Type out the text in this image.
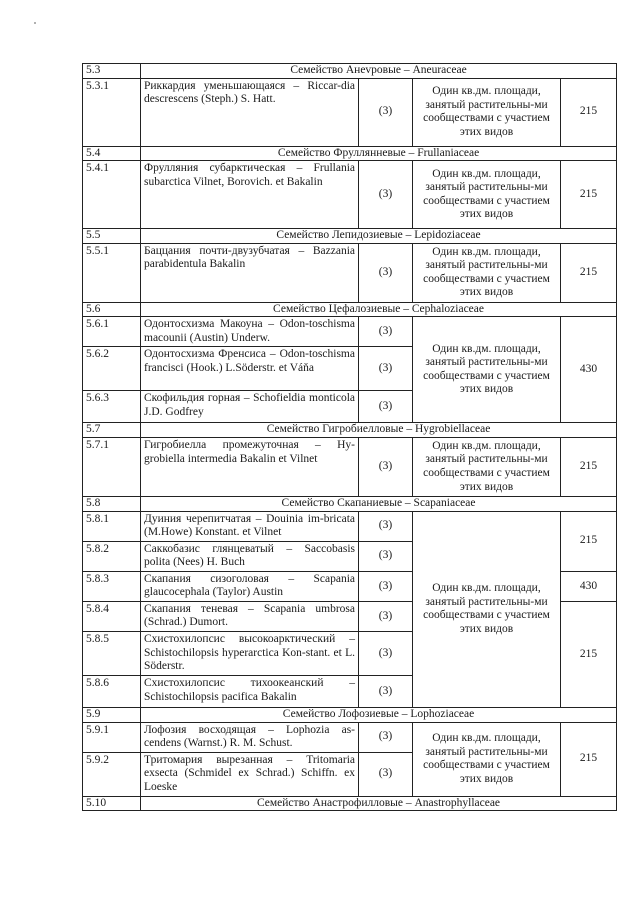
5.3	Семейство Анevровые – Aneuraceae			
5.3.1	Риккардия уменьшающаяся – Riccar-dia descrescens (Steph.) S. Hatt.	(3)	Один кв.дм. площади, занятый растительны-ми сообществами с участием этих видов	215
5.4	Семейство Фруллянневые – Frullaniaceae			
5.4.1	Фрулляния субарктическая – Frullania subarctica Vilnet, Borovich. et Bakalin	(3)	Один кв.дм. площади, занятый растительны-ми сообществами с участием этих видов	215
5.5	Семейство Лепидозиевые – Lepidoziaceae			
5.5.1	Баццания почти-двузубчатая – Bazzania parabidentula Bakalin	(3)	Один кв.дм. площади, занятый растительны-ми сообществами с участием этих видов	215
5.6	Семейство Цефалозиевые – Cephaloziaceae			
5.6.1	Одонтосхизма Макоуна – Odon-toschisma macounii (Austin) Underw.	(3)	Один кв.дм. площади, занятый растительны-ми сообществами с участием этих видов	430
5.6.2	Одонтосхизма Френсиса – Odon-toschisma francisci (Hook.) L.Söderstr. et Váňa	(3)		
5.6.3	Скофильдия горная – Schofieldia monticola J.D. Godfrey	(3)		
5.7	Семейство Гигробиелловые – Hygrobiellaceae			
5.7.1	Гигробиелла промежуточная – Hy-grobiella intermedia Bakalin et Vilnet	(3)	Один кв.дм. площади, занятый растительны-ми сообществами с участием этих видов	215
5.8	Семейство Скапаниевые – Scapaniaceae			
5.8.1	Дуиния черепитчатая – Douinia im-bricata (M.Howe) Konstant. et Vilnet	(3)	Один кв.дм. площади, занятый растительны-ми сообществами с участием этих видов	215
5.8.2	Саккобазис глянцеватый – Saccobasis polita (Nees) H. Buch	(3)		
5.8.3	Скапания сизоголовая – Scapania glaucocephala (Taylor) Austin	(3)		430
5.8.4	Скапания теневая – Scapania umbrosa (Schrad.) Dumort.	(3)		215
5.8.5	Схистохилопсис высокоарктический – Schistochilopsis hyperarctica Kon-stant. et L. Söderstr.	(3)		
5.8.6	Схистохилопсис тихоокеанский – Schistochilopsis pacifica Bakalin	(3)		
5.9	Семейство Лофозиевые – Lophoziaceae			
5.9.1	Лофозия восходящая – Lophozia as-cendens (Warnst.) R. M. Schust.	(3)	Один кв.дм. площади, занятый растительны-ми сообществами с участием этих видов	215
5.9.2	Тритомария вырезанная – Tritomaria exsecta (Schmidel ex Schrad.) Schiffn. ex Loeske	(3)		
5.10	Семейство Анастрофилловые – Anastrophyllaceae			
